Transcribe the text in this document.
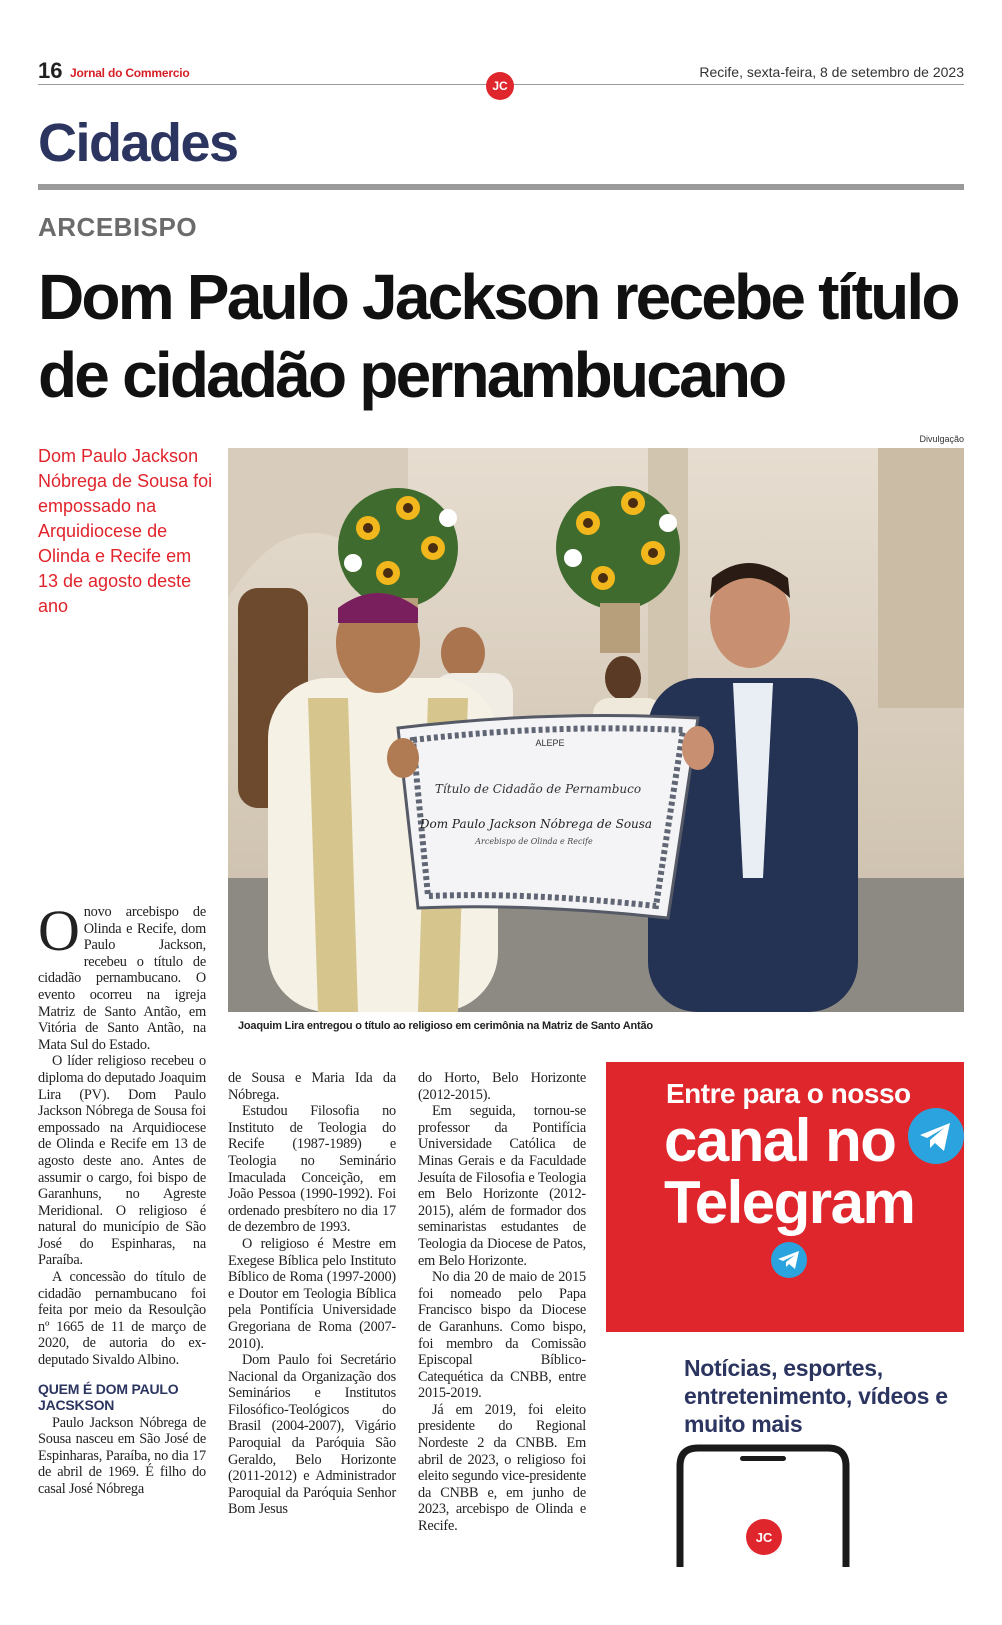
16 Jornal do Commercio	Recife, sexta-feira, 8 de setembro de 2023
JC
Cidades
ARCEBISPO
Dom Paulo Jackson recebe título de cidadão pernambucano
Divulgação
Dom Paulo Jackson Nóbrega de Sousa foi empossado na Arquidiocese de Olinda e Recife em 13 de agosto deste ano
ALEPE
Título de Cidadão de Pernambuco
Dom Paulo Jackson Nóbrega de Sousa
Arcebispo de Olinda e Recife
Joaquim Lira entregou o título ao religioso em cerimônia na Matriz de Santo Antão

Onovo arcebispo de Olinda e Recife, dom Paulo Jackson, recebeu o título de cidadão pernambucano. O evento ocorreu na igreja Matriz de Santo Antão, em Vitória de Santo Antão, na Mata Sul do Estado.

O líder religioso recebeu o diploma do deputado Joaquim Lira (PV). Dom Paulo Jackson Nóbrega de Sousa foi empossado na Arquidiocese de Olinda e Recife em 13 de agosto deste ano. Antes de assumir o cargo, foi bispo de Garanhuns, no Agreste Meridional. O religioso é natural do município de São José do Espinharas, na Paraíba.

A concessão do título de cidadão pernambucano foi feita por meio da Resoulção nº 1665 de 11 de março de 2020, de autoria do ex-deputado Sivaldo Albino.

QUEM É DOM PAULO JACSKSON

Paulo Jackson Nóbrega de Sousa nasceu em São José de Espinharas, Paraíba, no dia 17 de abril de 1969. É filho do casal José Nóbrega

de Sousa e Maria Ida da Nóbrega.

Estudou Filosofia no Instituto de Teologia do Recife (1987-1989) e Teologia no Seminário Imaculada Conceição, em João Pessoa (1990-1992). Foi ordenado presbítero no dia 17 de dezembro de 1993.

O religioso é Mestre em Exegese Bíblica pelo Instituto Bíblico de Roma (1997-2000) e Doutor em Teologia Bíblica pela Pontifícia Universidade Gregoriana de Roma (2007-2010).

Dom Paulo foi Secretário Nacional da Organização dos Seminários e Institutos Filosófico-Teológicos do Brasil (2004-2007), Vigário Paroquial da Paróquia São Geraldo, Belo Horizonte (2011-2012) e Administrador Paroquial da Paróquia Senhor Bom Jesus

do Horto, Belo Horizonte (2012-2015).

Em seguida, tornou-se professor da Pontifícia Universidade Católica de Minas Gerais e da Faculdade Jesuíta de Filosofia e Teologia em Belo Horizonte (2012-2015), além de formador dos seminaristas estudantes de Teologia da Diocese de Patos, em Belo Horizonte.

No dia 20 de maio de 2015 foi nomeado pelo Papa Francisco bispo da Diocese de Garanhuns. Como bispo, foi membro da Comissão Episcopal Bíblico-Catequética da CNBB, entre 2015-2019.

Já em 2019, foi eleito presidente do Regional Nordeste 2 da CNBB. Em abril de 2023, o religioso foi eleito segundo vice-presidente da CNBB e, em junho de 2023, arcebispo de Olinda e Recife.

Entre para o nosso
canal no
Telegram
Notícias, esportes, entretenimento, vídeos e muito mais
JC
